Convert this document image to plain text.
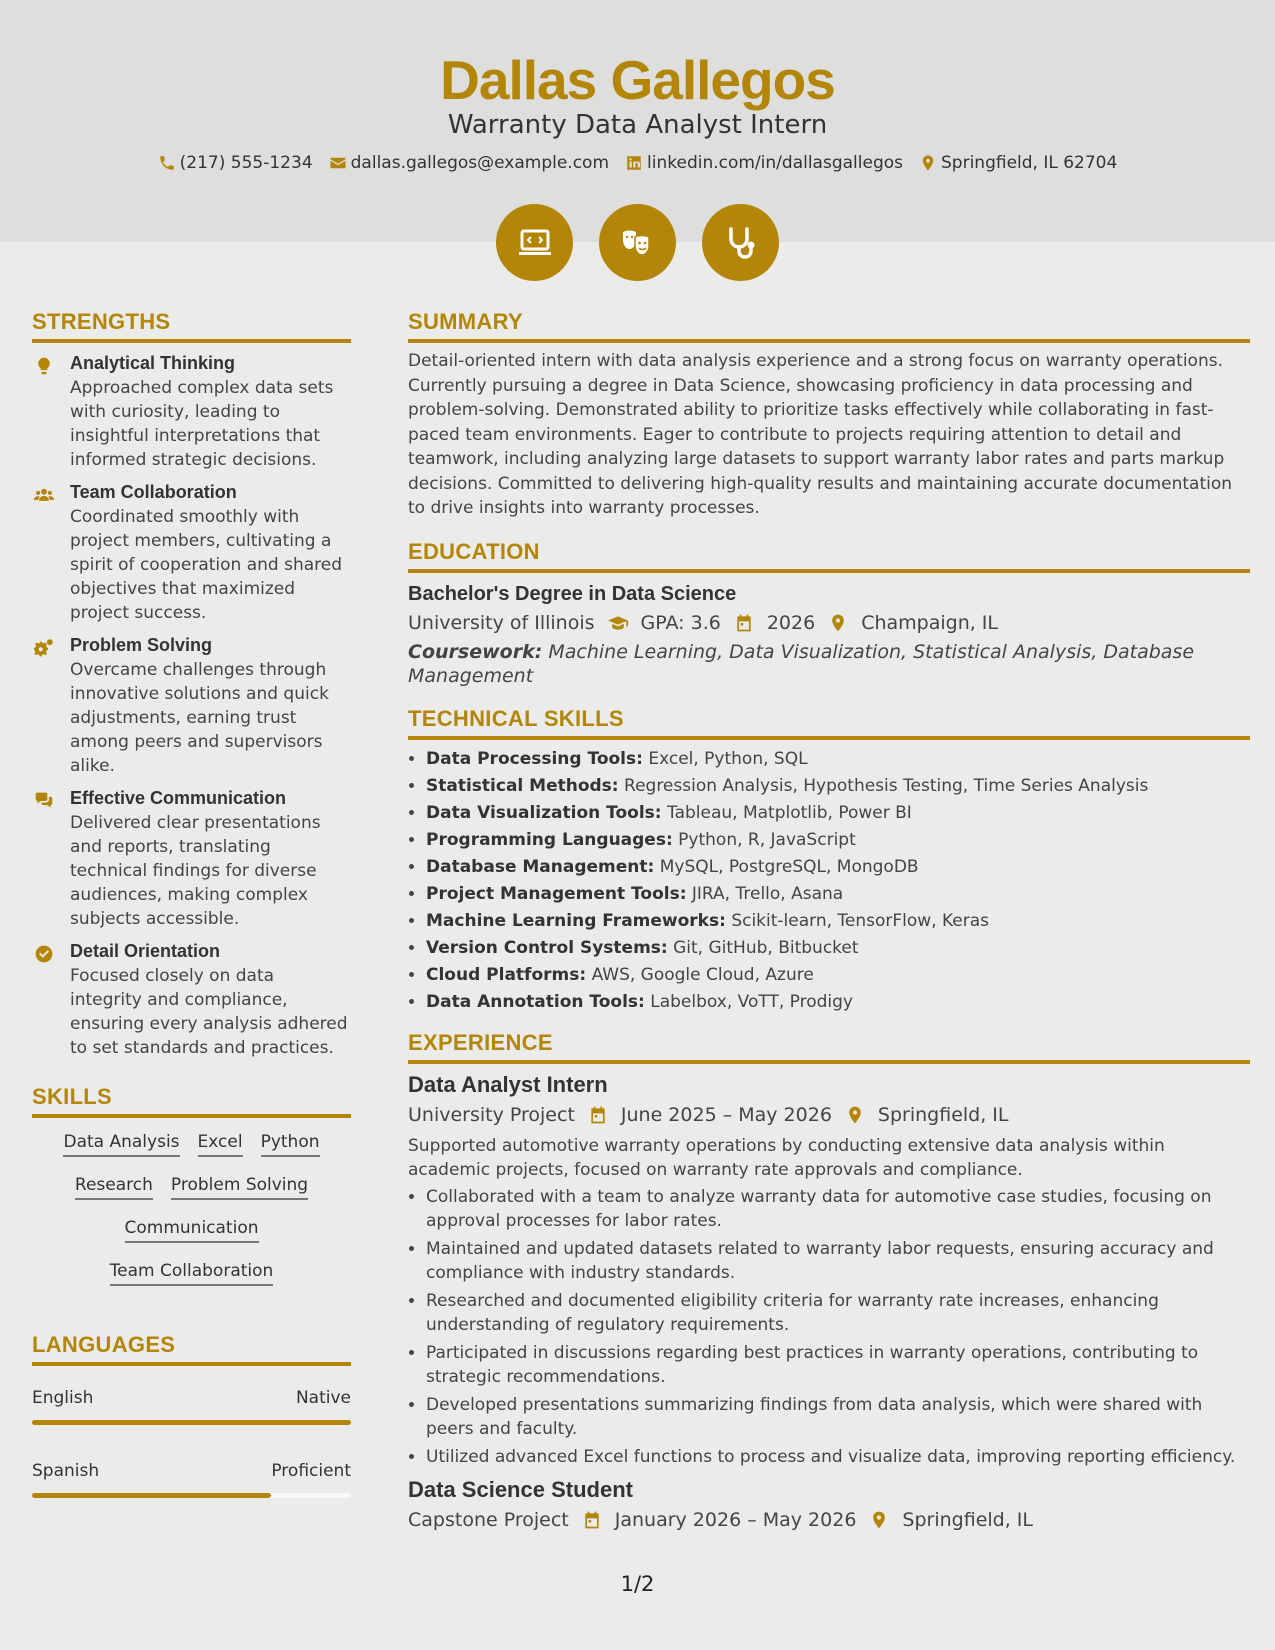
Dallas Gallegos
Warranty Data Analyst Intern
(217) 555-1234 dallas.gallegos@example.com linkedin.com/in/dallasgallegos Springfield, IL 62704
STRENGTHS
Analytical Thinking

Approached complex data sets with curiosity, leading to insightful interpretations that informed strategic decisions.

Team Collaboration

Coordinated smoothly with project members, cultivating a spirit of cooperation and shared objectives that maximized project success.

Problem Solving

Overcame challenges through innovative solutions and quick adjustments, earning trust among peers and supervisors alike.

Effective Communication

Delivered clear presentations and reports, translating technical findings for diverse audiences, making complex subjects accessible.

Detail Orientation

Focused closely on data integrity and compliance, ensuring every analysis adhered to set standards and practices.

SKILLS
Data Analysis Excel Python
Research Problem Solving
Communication
Team Collaboration
LANGUAGES
English	Native
Spanish	Proficient
SUMMARY

Detail-oriented intern with data analysis experience and a strong focus on warranty operations. Currently pursuing a degree in Data Science, showcasing proficiency in data processing and problem-solving. Demonstrated ability to prioritize tasks effectively while collaborating in fast-paced team environments. Eager to contribute to projects requiring attention to detail and teamwork, including analyzing large datasets to support warranty labor rates and parts markup decisions. Committed to delivering high-quality results and maintaining accurate documentation to drive insights into warranty processes.

EDUCATION
Bachelor's Degree in Data Science
University of Illinois GPA: 3.6 2026 Champaign, IL
Coursework: Machine Learning, Data Visualization, Statistical Analysis, Database Management
TECHNICAL SKILLS
• Data Processing Tools: Excel, Python, SQL
• Statistical Methods: Regression Analysis, Hypothesis Testing, Time Series Analysis
• Data Visualization Tools: Tableau, Matplotlib, Power BI
• Programming Languages: Python, R, JavaScript
• Database Management: MySQL, PostgreSQL, MongoDB
• Project Management Tools: JIRA, Trello, Asana
• Machine Learning Frameworks: Scikit-learn, TensorFlow, Keras
• Version Control Systems: Git, GitHub, Bitbucket
• Cloud Platforms: AWS, Google Cloud, Azure
• Data Annotation Tools: Labelbox, VoTT, Prodigy
EXPERIENCE
Data Analyst Intern
University Project June 2025 – May 2026 Springfield, IL

Supported automotive warranty operations by conducting extensive data analysis within academic projects, focused on warranty rate approvals and compliance.

• Collaborated with a team to analyze warranty data for automotive case studies, focusing on approval processes for labor rates.
• Maintained and updated datasets related to warranty labor requests, ensuring accuracy and compliance with industry standards.
• Researched and documented eligibility criteria for warranty rate increases, enhancing understanding of regulatory requirements.
• Participated in discussions regarding best practices in warranty operations, contributing to strategic recommendations.
• Developed presentations summarizing findings from data analysis, which were shared with peers and faculty.
• Utilized advanced Excel functions to process and visualize data, improving reporting efficiency.
Data Science Student
Capstone Project January 2026 – May 2026 Springfield, IL
1/2
